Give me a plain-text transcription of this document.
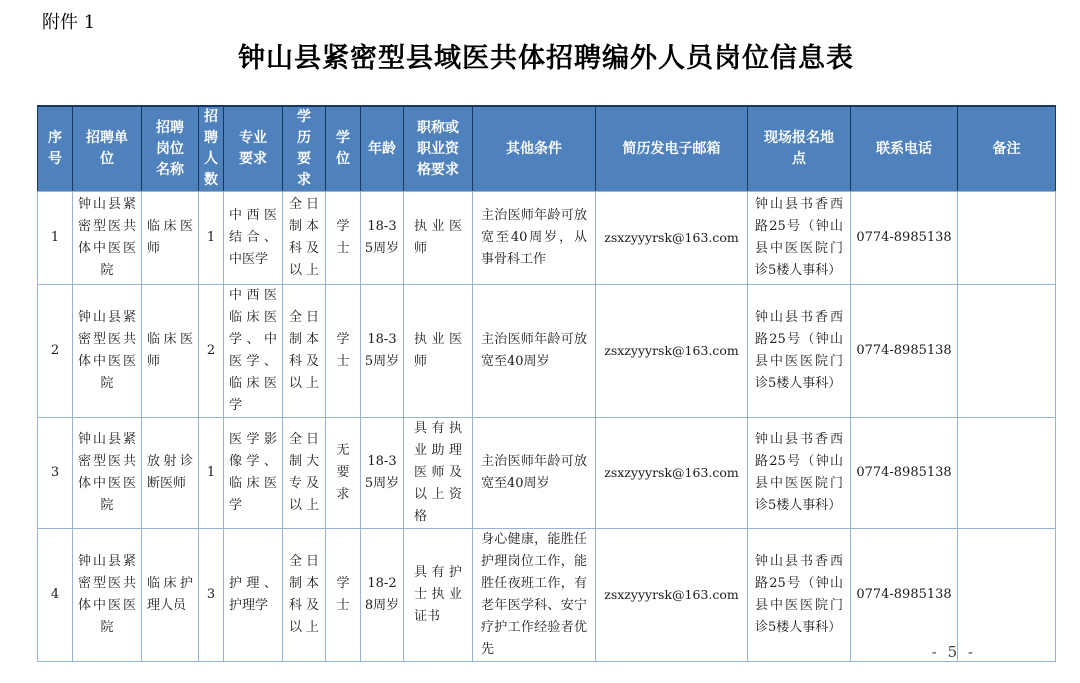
附件 1
钟山县紧密型县域医共体招聘编外人员岗位信息表
序号	招聘单位	招聘岗位名称	招聘人数	专业要求	学历要求	学位	年龄	职称或职业资格要求	其他条件	简历发电子邮箱	现场报名地点	联系电话	备注
1	钟山县紧密型医共体中医医院	临床医师	1	中西医结合、中医学	全日制本科及以上	学士	18-35周岁	执业医师	主治医师年龄可放宽至40周岁，从事骨科工作	zsxzyyyrsk@163.com	钟山县书香西路25号（钟山县中医医院门诊5楼人事科）	0774-8985138	
2	钟山县紧密型医共体中医医院	临床医师	2	中西医临床医学、中医学、临床医学	全日制本科及以上	学士	18-35周岁	执业医师	主治医师年龄可放宽至40周岁	zsxzyyyrsk@163.com	钟山县书香西路25号（钟山县中医医院门诊5楼人事科）	0774-8985138	
3	钟山县紧密型医共体中医医院	放射诊断医师	1	医学影像学、临床医学	全日制大专及以上	无要求	18-35周岁	具有执业助理医师及以上资格	主治医师年龄可放宽至40周岁	zsxzyyyrsk@163.com	钟山县书香西路25号（钟山县中医医院门诊5楼人事科）	0774-8985138	
4	钟山县紧密型医共体中医医院	临床护理人员	3	护理、护理学	全日制本科及以上	学士	18-28周岁	具有护士执业证书	身心健康，能胜任护理岗位工作，能胜任夜班工作，有老年医学科、安宁疗护工作经验者优先	zsxzyyyrsk@163.com	钟山县书香西路25号（钟山县中医医院门诊5楼人事科）	0774-8985138	
- 5 -
